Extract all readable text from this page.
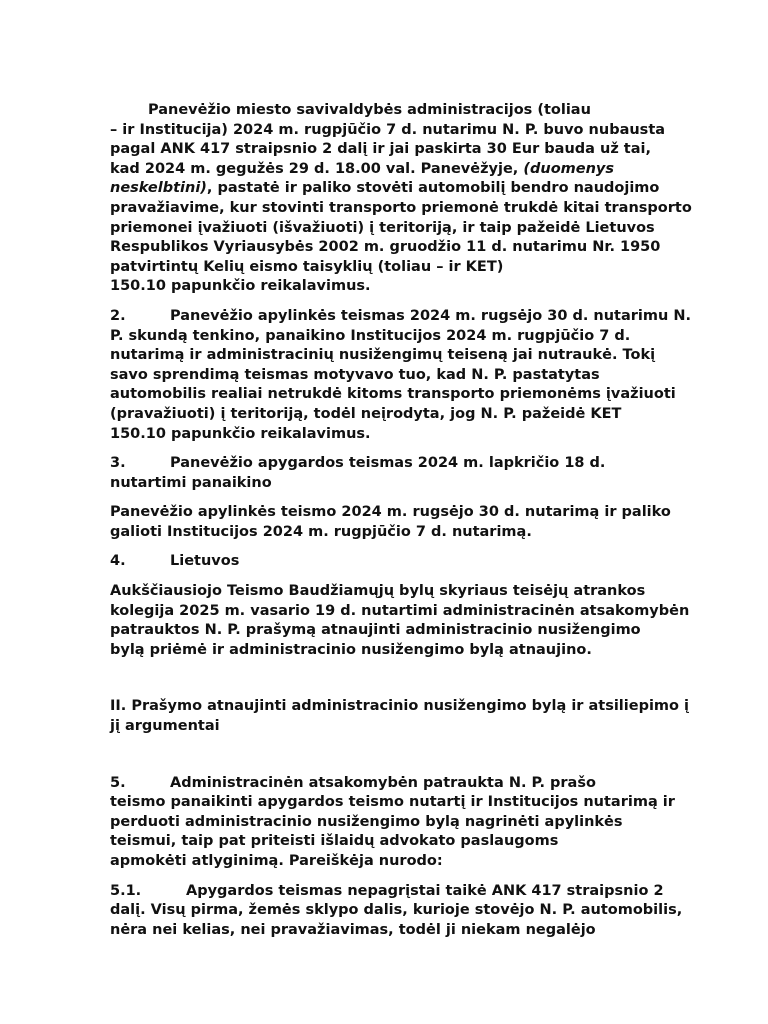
Panevėžio miesto savivaldybės administracijos (toliau
– ir Institucija) 2024 m. rugpjūčio 7 d. nutarimu N. P. buvo nubausta
pagal ANK 417 straipsnio 2 dalį ir jai paskirta 30 Eur bauda už tai,
kad 2024 m. gegužės 29 d. 18.00 val. Panevėžyje, (duomenys
neskelbtini), pastatė ir paliko stovėti automobilį bendro naudojimo
pravažiavime, kur stovinti transporto priemonė trukdė kitai transporto
priemonei įvažiuoti (išvažiuoti) į teritoriją, ir taip pažeidė Lietuvos
Respublikos Vyriausybės 2002 m. gruodžio 11 d. nutarimu Nr. 1950
patvirtintų Kelių eismo taisyklių (toliau – ir KET)
150.10 papunkčio reikalavimus.
2.	Panevėžio apylinkės teismas 2024 m. rugsėjo 30 d. nutarimu N.
P. skundą tenkino, panaikino Institucijos 2024 m. rugpjūčio 7 d.
nutarimą ir administracinių nusižengimų teiseną jai nutraukė. Tokį
savo sprendimą teismas motyvavo tuo, kad N. P. pastatytas
automobilis realiai netrukdė kitoms transporto priemonėms įvažiuoti
(pravažiuoti) į teritoriją, todėl neįrodyta, jog N. P. pažeidė KET
150.10 papunkčio reikalavimus.
3.	Panevėžio apygardos teismas 2024 m. lapkričio 18 d.
nutartimi panaikino
Panevėžio apylinkės teismo 2024 m. rugsėjo 30 d. nutarimą ir paliko
galioti Institucijos 2024 m. rugpjūčio 7 d. nutarimą.
4.	Lietuvos
Aukščiausiojo Teismo Baudžiamųjų bylų skyriaus teisėjų atrankos
kolegija 2025 m. vasario 19 d. nutartimi administracinėn atsakomybėn
patrauktos N. P. prašymą atnaujinti administracinio nusižengimo
bylą priėmė ir administracinio nusižengimo bylą atnaujino.
II. Prašymo atnaujinti administracinio nusižengimo bylą ir atsiliepimo į
jį argumentai
5.	Administracinėn atsakomybėn patraukta N. P. prašo
teismo panaikinti apygardos teismo nutartį ir Institucijos nutarimą ir
perduoti administracinio nusižengimo bylą nagrinėti apylinkės
teismui, taip pat priteisti išlaidų advokato paslaugoms
apmokėti atlyginimą. Pareiškėja nurodo:
5.1.	Apygardos teismas nepagrįstai taikė ANK 417 straipsnio 2
dalį. Visų pirma, žemės sklypo dalis, kurioje stovėjo N. P. automobilis,
nėra nei kelias, nei pravažiavimas, todėl ji niekam negalėjo
